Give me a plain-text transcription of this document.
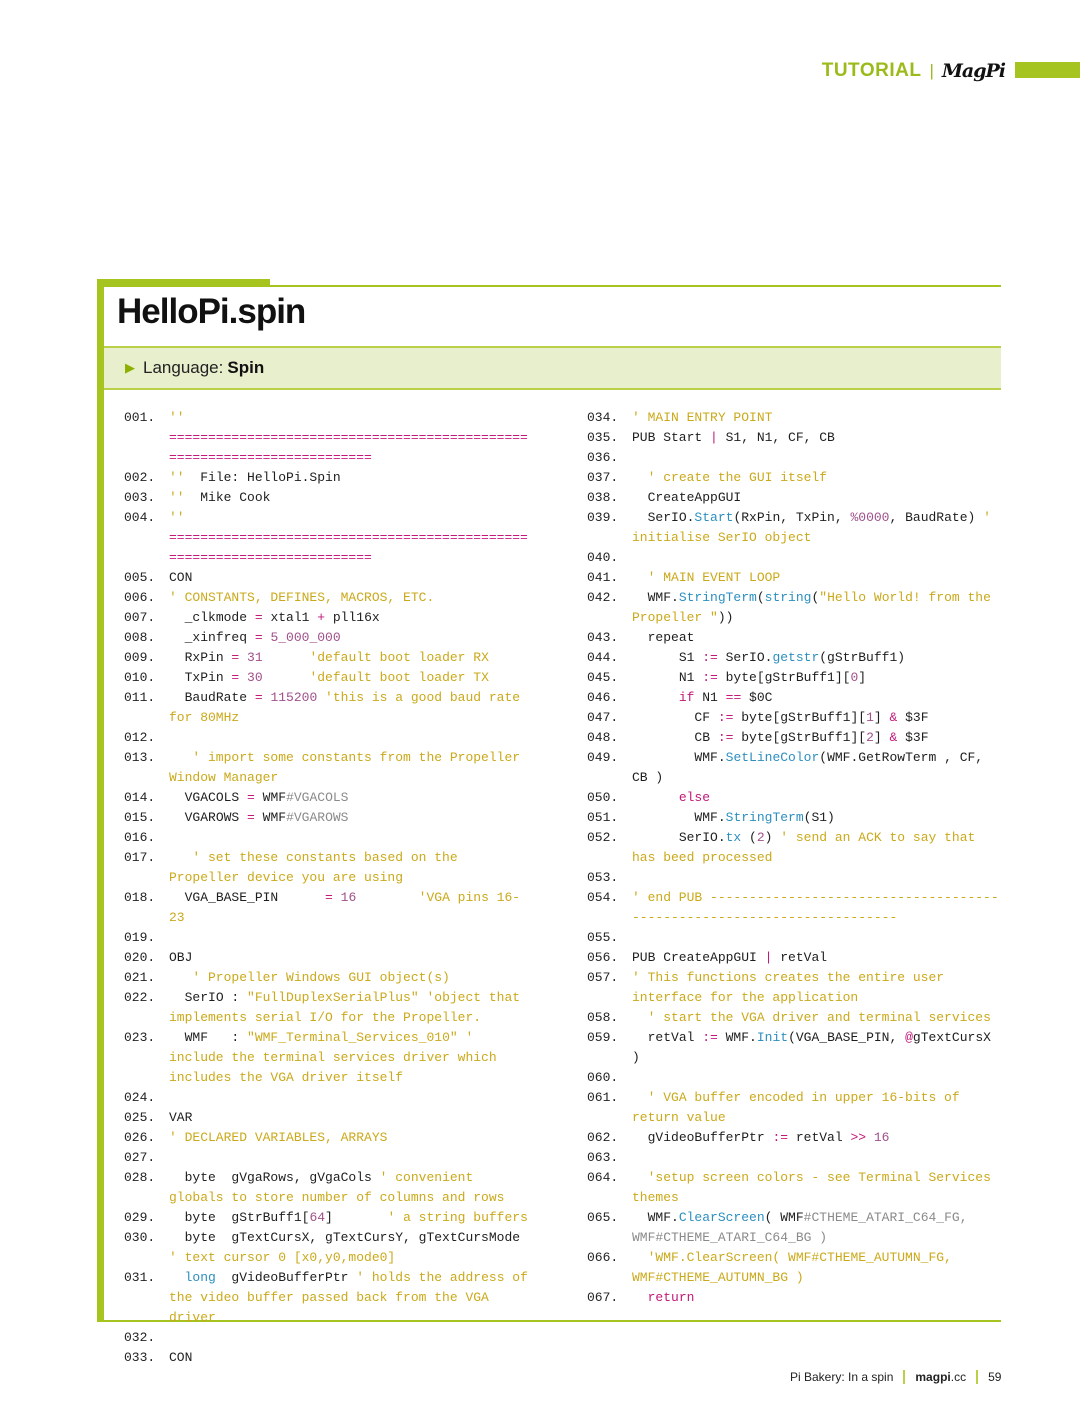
TUTORIAL | MagPi
HelloPi.spin
▶ Language: Spin
001.	'' ========================================================================
002.	''  File: HelloPi.Spin
003.	''  Mike Cook
004.	'' ========================================================================
005.	CON
006.	' CONSTANTS, DEFINES, MACROS, ETC.
007.	_clkmode = xtal1 + pll16x
008.	_xinfreq = 5_000_000
009.	RxPin = 31      'default boot loader RX
010.	TxPin = 30      'default boot loader TX
011.	BaudRate = 115200 'this is a good baud rate for 80MHz
012.
013.	' import some constants from the Propeller Window Manager
014.	VGACOLS = WMF#VGACOLS
015.	VGAROWS = WMF#VGAROWS
016.
017.	' set these constants based on the Propeller device you are using
018.	VGA_BASE_PIN      = 16        'VGA pins 16-23
019.
020.	OBJ
021.	' Propeller Windows GUI object(s)
022.	SerIO : "FullDuplexSerialPlus" 'object that implements serial I/O for the Propeller.
023.	WMF   : "WMF_Terminal_Services_010" ' include the terminal services driver which includes the VGA driver itself
024.
025.	VAR
026.	' DECLARED VARIABLES, ARRAYS
027.
028.	byte  gVgaRows, gVgaCols ' convenient globals to store number of columns and rows
029.	byte  gStrBuff1[64]       ' a string buffers
030.	byte  gTextCursX, gTextCursY, gTextCursMode ' text cursor 0 [x0,y0,mode0]
031.	long  gVideoBufferPtr ' holds the address of the video buffer passed back from the VGA driver
032.
033.	CON
034.	' MAIN ENTRY POINT
035.	PUB Start | S1, N1, CF, CB
036.
037.	' create the GUI itself
038.	CreateAppGUI
039.	SerIO.Start(RxPin, TxPin, %0000, BaudRate) ' initialise SerIO object
040.
041.	' MAIN EVENT LOOP
042.	WMF.StringTerm(string("Hello World! from the Propeller "))
043.	repeat
044.	S1 := SerIO.getstr(gStrBuff1)
045.	N1 := byte[gStrBuff1][0]
046.	if N1 == $0C
047.	CF := byte[gStrBuff1][1] & $3F
048.	CB := byte[gStrBuff1][2] & $3F
049.	WMF.SetLineColor(WMF.GetRowTerm , CF, CB )
050.	else
051.	WMF.StringTerm(S1)
052.	SerIO.tx (2) ' send an ACK to say that has beed processed
053.
054.	' end PUB -----------------------------------------------------------------------
055.
056.	PUB CreateAppGUI | retVal
057.	' This functions creates the entire user interface for the application
058.	' start the VGA driver and terminal services
059.	retVal := WMF.Init(VGA_BASE_PIN, @gTextCursX )
060.
061.	' VGA buffer encoded in upper 16-bits of return value
062.	gVideoBufferPtr := retVal >> 16
063.
064.	'setup screen colors - see Terminal Services themes
065.	WMF.ClearScreen( WMF#CTHEME_ATARI_C64_FG, WMF#CTHEME_ATARI_C64_BG )
066.	'WMF.ClearScreen( WMF#CTHEME_AUTUMN_FG, WMF#CTHEME_AUTUMN_BG )
067.	return
Pi Bakery: In a spin magpi.cc 59
